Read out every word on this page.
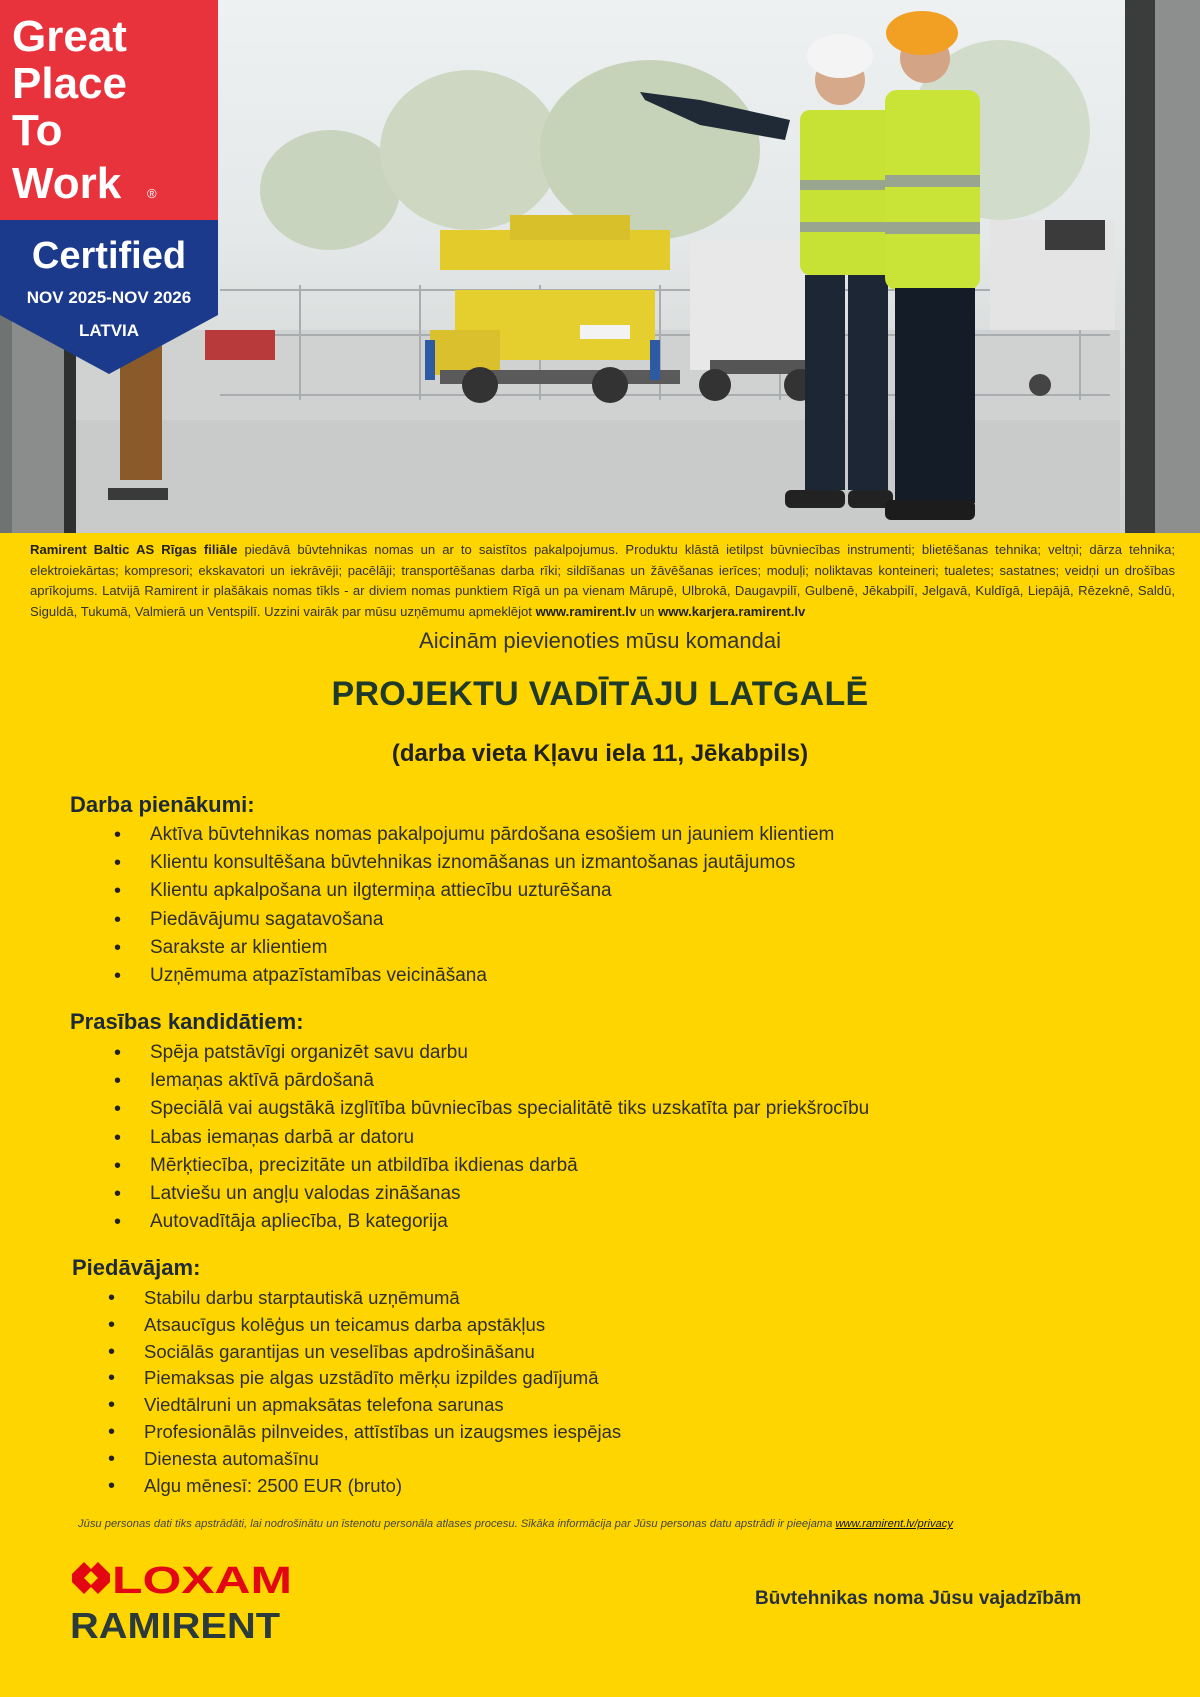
Great
Place
To
Work ®
Certified
NOV 2025-NOV 2026
LATVIA
Ramirent Baltic AS Rīgas filiāle piedāvā būvtehnikas nomas un ar to saistītos pakalpojumus. Produktu klāstā ietilpst būvniecības instrumenti; blietēšanas tehnika; veltņi; dārza tehnika; elektroiekārtas; kompresori; ekskavatori un iekrāvēji; pacēlāji; transportēšanas darba rīki; sildīšanas un žāvēšanas ierīces; moduļi; noliktavas konteineri; tualetes; sastatnes; veidņi un drošības aprīkojums. Latvijā Ramirent ir plašākais nomas tīkls - ar diviem nomas punktiem Rīgā un pa vienam Mārupē, Ulbrokā, Daugavpilī, Gulbenē, Jēkabpilī, Jelgavā, Kuldīgā, Liepājā, Rēzeknē, Saldū, Siguldā, Tukumā, Valmierā un Ventspilī. Uzzini vairāk par mūsu uzņēmumu apmeklējot www.ramirent.lv un www.karjera.ramirent.lv
Aicinām pievienoties mūsu komandai
PROJEKTU VADĪTĀJU LATGALĒ
(darba vieta Kļavu iela 11, Jēkabpils)
Darba pienākumi:
• Aktīva būvtehnikas nomas pakalpojumu pārdošana esošiem un jauniem klientiem
• Klientu konsultēšana būvtehnikas iznomāšanas un izmantošanas jautājumos
• Klientu apkalpošana un ilgtermiņa attiecību uzturēšana
• Piedāvājumu sagatavošana
• Sarakste ar klientiem
• Uzņēmuma atpazīstamības veicināšana
Prasības kandidātiem:
• Spēja patstāvīgi organizēt savu darbu
• Iemaņas aktīvā pārdošanā
• Speciālā vai augstākā izglītība būvniecības specialitātē tiks uzskatīta par priekšrocību
• Labas iemaņas darbā ar datoru
• Mērķtiecība, precizitāte un atbildība ikdienas darbā
• Latviešu un angļu valodas zināšanas
• Autovadītāja apliecība, B kategorija
Piedāvājam:
• Stabilu darbu starptautiskā uzņēmumā
• Atsaucīgus kolēģus un teicamus darba apstākļus
• Sociālās garantijas un veselības apdrošināšanu
• Piemaksas pie algas uzstādīto mērķu izpildes gadījumā
• Viedtālruni un apmaksātas telefona sarunas
• Profesionālās pilnveides, attīstības un izaugsmes iespējas
• Dienesta automašīnu
• Algu mēnesī: 2500 EUR (bruto)
Jūsu personas dati tiks apstrādāti, lai nodrošinātu un īstenotu personāla atlases procesu. Sīkāka informācija par Jūsu personas datu apstrādi ir pieejama www.ramirent.lv/privacy
LOXAM
RAMIRENT
Būvtehnikas noma Jūsu vajadzībām
